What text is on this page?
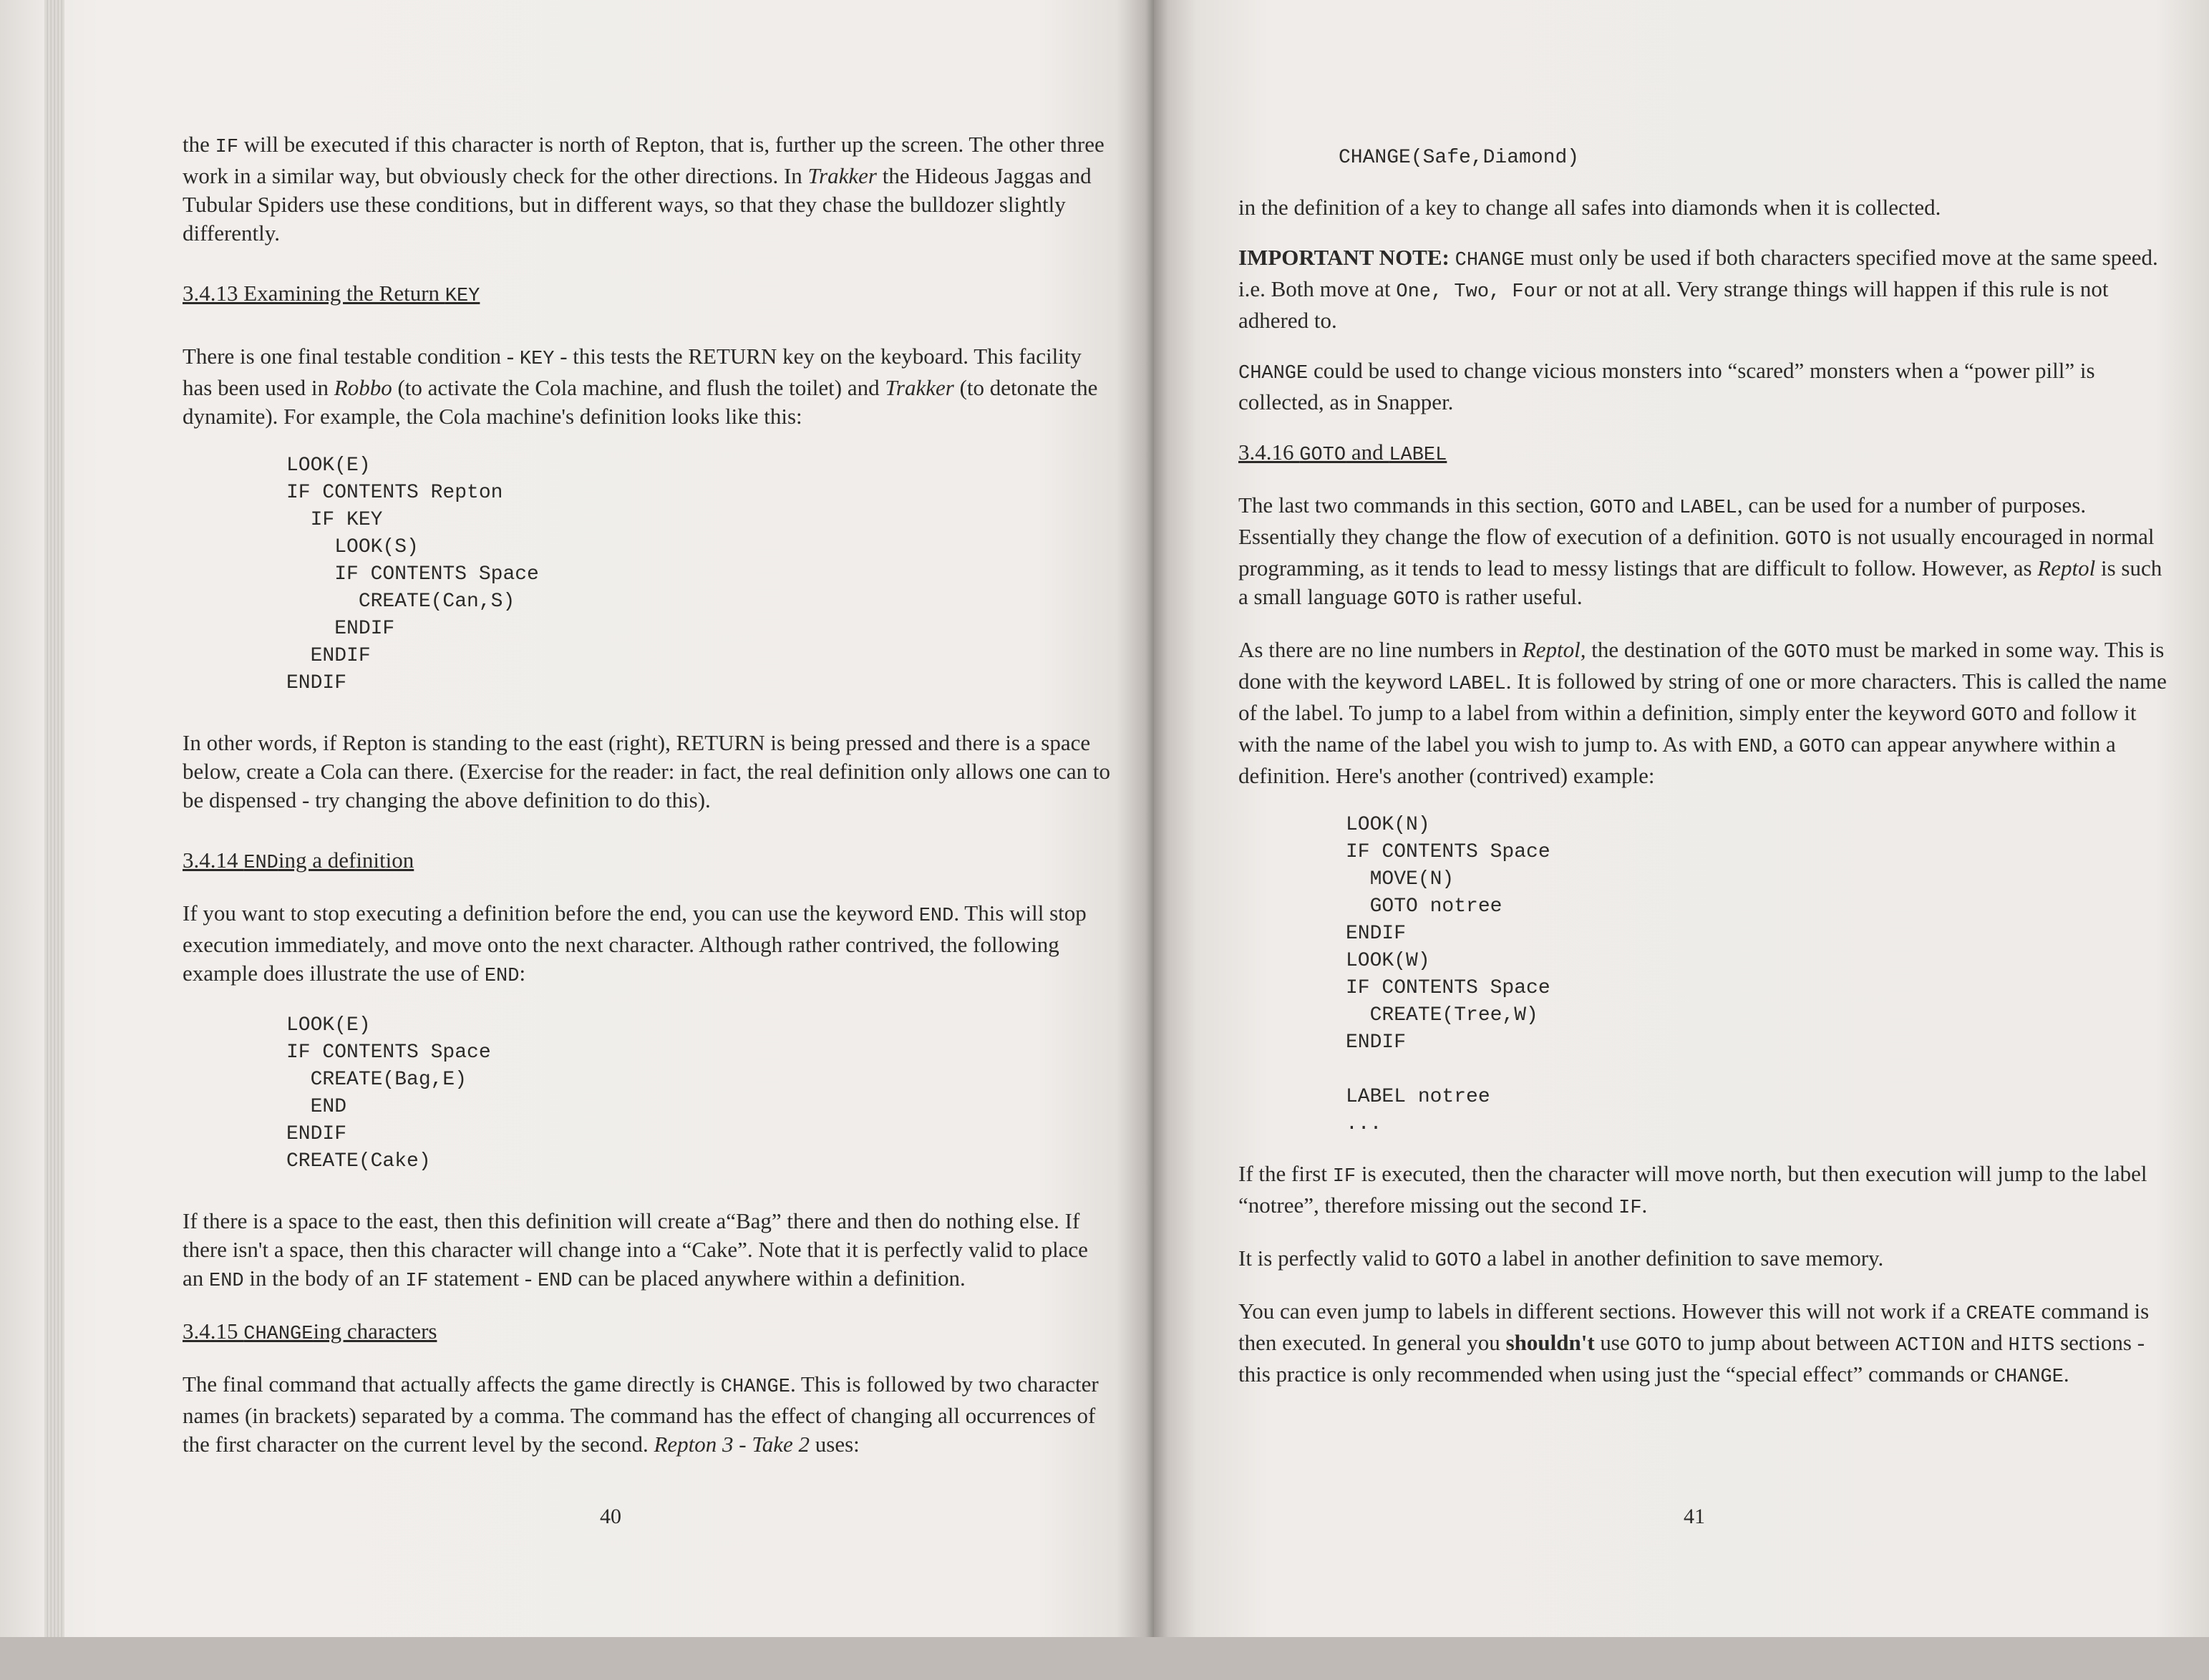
the IF will be executed if this character is north of Repton, that is, further up the screen. The other three work in a similar way, but obviously check for the other directions. In Trakker the Hideous Jaggas and Tubular Spiders use these conditions, but in different ways, so that they chase the bulldozer slightly differently.

3.4.13 Examining the Return KEY

There is one final testable condition - KEY - this tests the RETURN key on the keyboard. This facility has been used in Robbo (to activate the Cola machine, and flush the toilet) and Trakker (to detonate the dynamite). For example, the Cola machine's definition looks like this:

LOOK(E)
IF CONTENTS Repton
IF KEY
LOOK(S)
IF CONTENTS Space
CREATE(Can,S)
ENDIF
ENDIF
ENDIF

In other words, if Repton is standing to the east (right), RETURN is being pressed and there is a space below, create a Cola can there. (Exercise for the reader: in fact, the real definition only allows one can to be dispensed - try changing the above definition to do this).

3.4.14 ENDing a definition

If you want to stop executing a definition before the end, you can use the keyword END. This will stop execution immediately, and move onto the next character. Although rather contrived, the following example does illustrate the use of END:

LOOK(E)
IF CONTENTS Space
CREATE(Bag,E)
END
ENDIF
CREATE(Cake)

If there is a space to the east, then this definition will create a“Bag” there and then do nothing else. If there isn't a space, then this character will change into a “Cake”. Note that it is perfectly valid to place an END in the body of an IF statement - END can be placed anywhere within a definition.

3.4.15 CHANGEing characters

The final command that actually affects the game directly is CHANGE. This is followed by two character names (in brackets) separated by a comma. The command has the effect of changing all occurrences of the first character on the current level by the second. Repton 3 - Take 2 uses:

40
CHANGE(Safe,Diamond)

in the definition of a key to change all safes into diamonds when it is collected.

IMPORTANT NOTE: CHANGE must only be used if both characters specified move at the same speed. i.e. Both move at One, Two, Four or not at all. Very strange things will happen if this rule is not adhered to.

CHANGE could be used to change vicious monsters into “scared” monsters when a “power pill” is collected, as in Snapper.

3.4.16 GOTO and LABEL

The last two commands in this section, GOTO and LABEL, can be used for a number of purposes. Essentially they change the flow of execution of a definition. GOTO is not usually encouraged in normal programming, as it tends to lead to messy listings that are difficult to follow. However, as Reptol is such a small language GOTO is rather useful.

As there are no line numbers in Reptol, the destination of the GOTO must be marked in some way. This is done with the keyword LABEL. It is followed by string of one or more characters. This is called the name of the label. To jump to a label from within a definition, simply enter the keyword GOTO and follow it with the name of the label you wish to jump to. As with END, a GOTO can appear anywhere within a definition. Here's another (contrived) example:

LOOK(N)
IF CONTENTS Space
MOVE(N)
GOTO notree
ENDIF
LOOK(W)
IF CONTENTS Space
CREATE(Tree,W)
ENDIF

LABEL notree
...

If the first IF is executed, then the character will move north, but then execution will jump to the label “notree”, therefore missing out the second IF.

It is perfectly valid to GOTO a label in another definition to save memory.

You can even jump to labels in different sections. However this will not work if a CREATE command is then executed. In general you shouldn't use GOTO to jump about between ACTION and HITS sections - this practice is only recommended when using just the “special effect” commands or CHANGE.

41
